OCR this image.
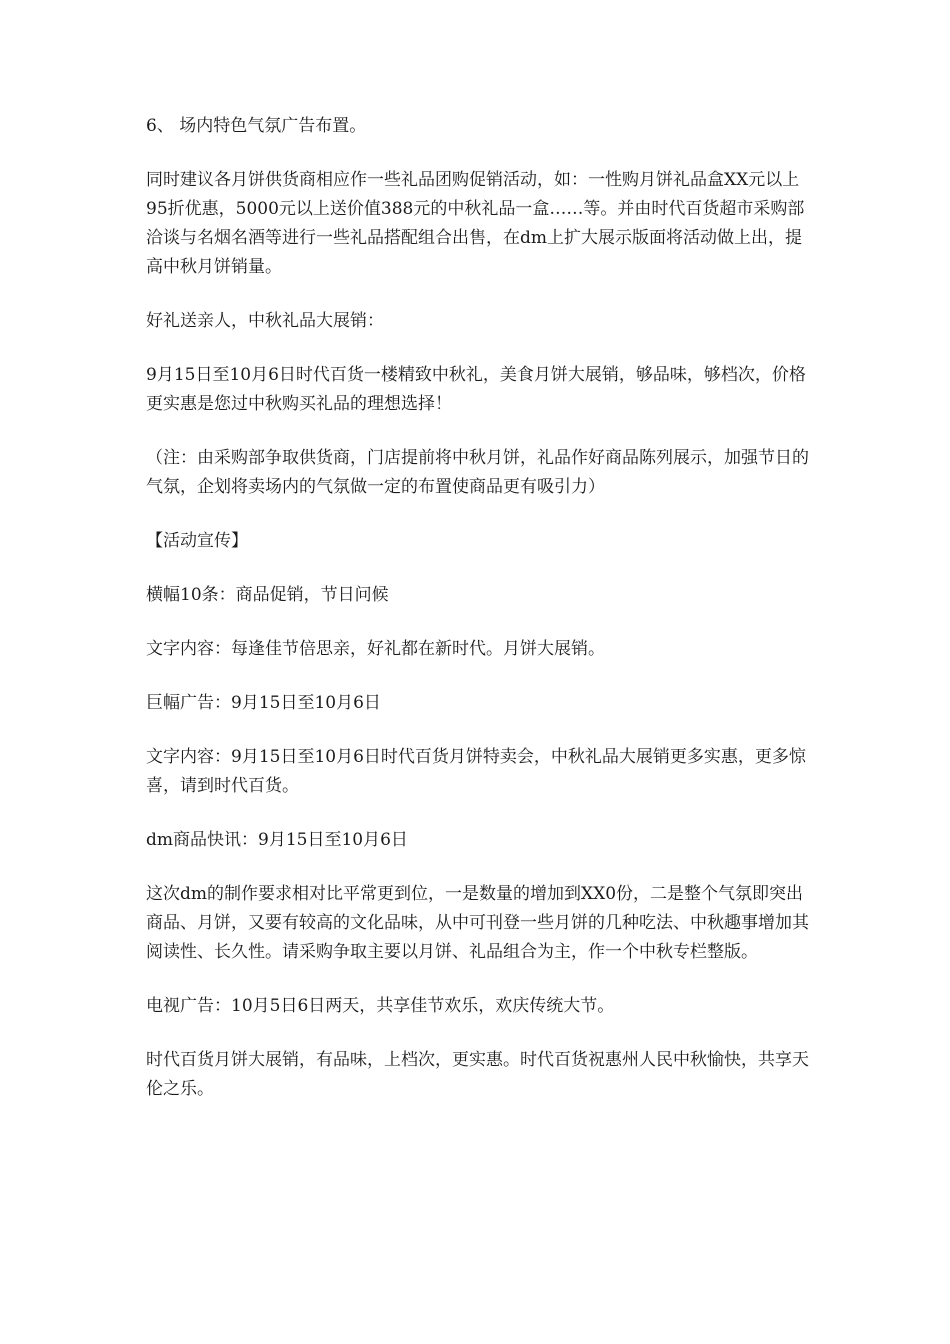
6、 场内特色气氛广告布置。

同时建议各月饼供货商相应作一些礼品团购促销活动，如：一性购月饼礼品盒XX元以上95折优惠，5000元以上送价值388元的中秋礼品一盒……等。并由时代百货超市采购部洽谈与名烟名酒等进行一些礼品搭配组合出售，在dm上扩大展示版面将活动做上出，提高中秋月饼销量。

好礼送亲人，中秋礼品大展销：

9月15日至10月6日时代百货一楼精致中秋礼，美食月饼大展销，够品味，够档次，价格更实惠是您过中秋购买礼品的理想选择！

（注：由采购部争取供货商，门店提前将中秋月饼，礼品作好商品陈列展示，加强节日的气氛，企划将卖场内的气氛做一定的布置使商品更有吸引力）

【活动宣传】

横幅10条：商品促销，节日问候

文字内容：每逢佳节倍思亲，好礼都在新时代。月饼大展销。

巨幅广告：9月15日至10月6日

文字内容：9月15日至10月6日时代百货月饼特卖会，中秋礼品大展销更多实惠，更多惊喜，请到时代百货。

dm商品快讯：9月15日至10月6日

这次dm的制作要求相对比平常更到位，一是数量的增加到XX0份，二是整个气氛即突出商品、月饼，又要有较高的文化品味，从中可刊登一些月饼的几种吃法、中秋趣事增加其阅读性、长久性。请采购争取主要以月饼、礼品组合为主，作一个中秋专栏整版。

电视广告：10月5日6日两天，共享佳节欢乐，欢庆传统大节。

时代百货月饼大展销，有品味，上档次，更实惠。时代百货祝惠州人民中秋愉快，共享天伦之乐。
